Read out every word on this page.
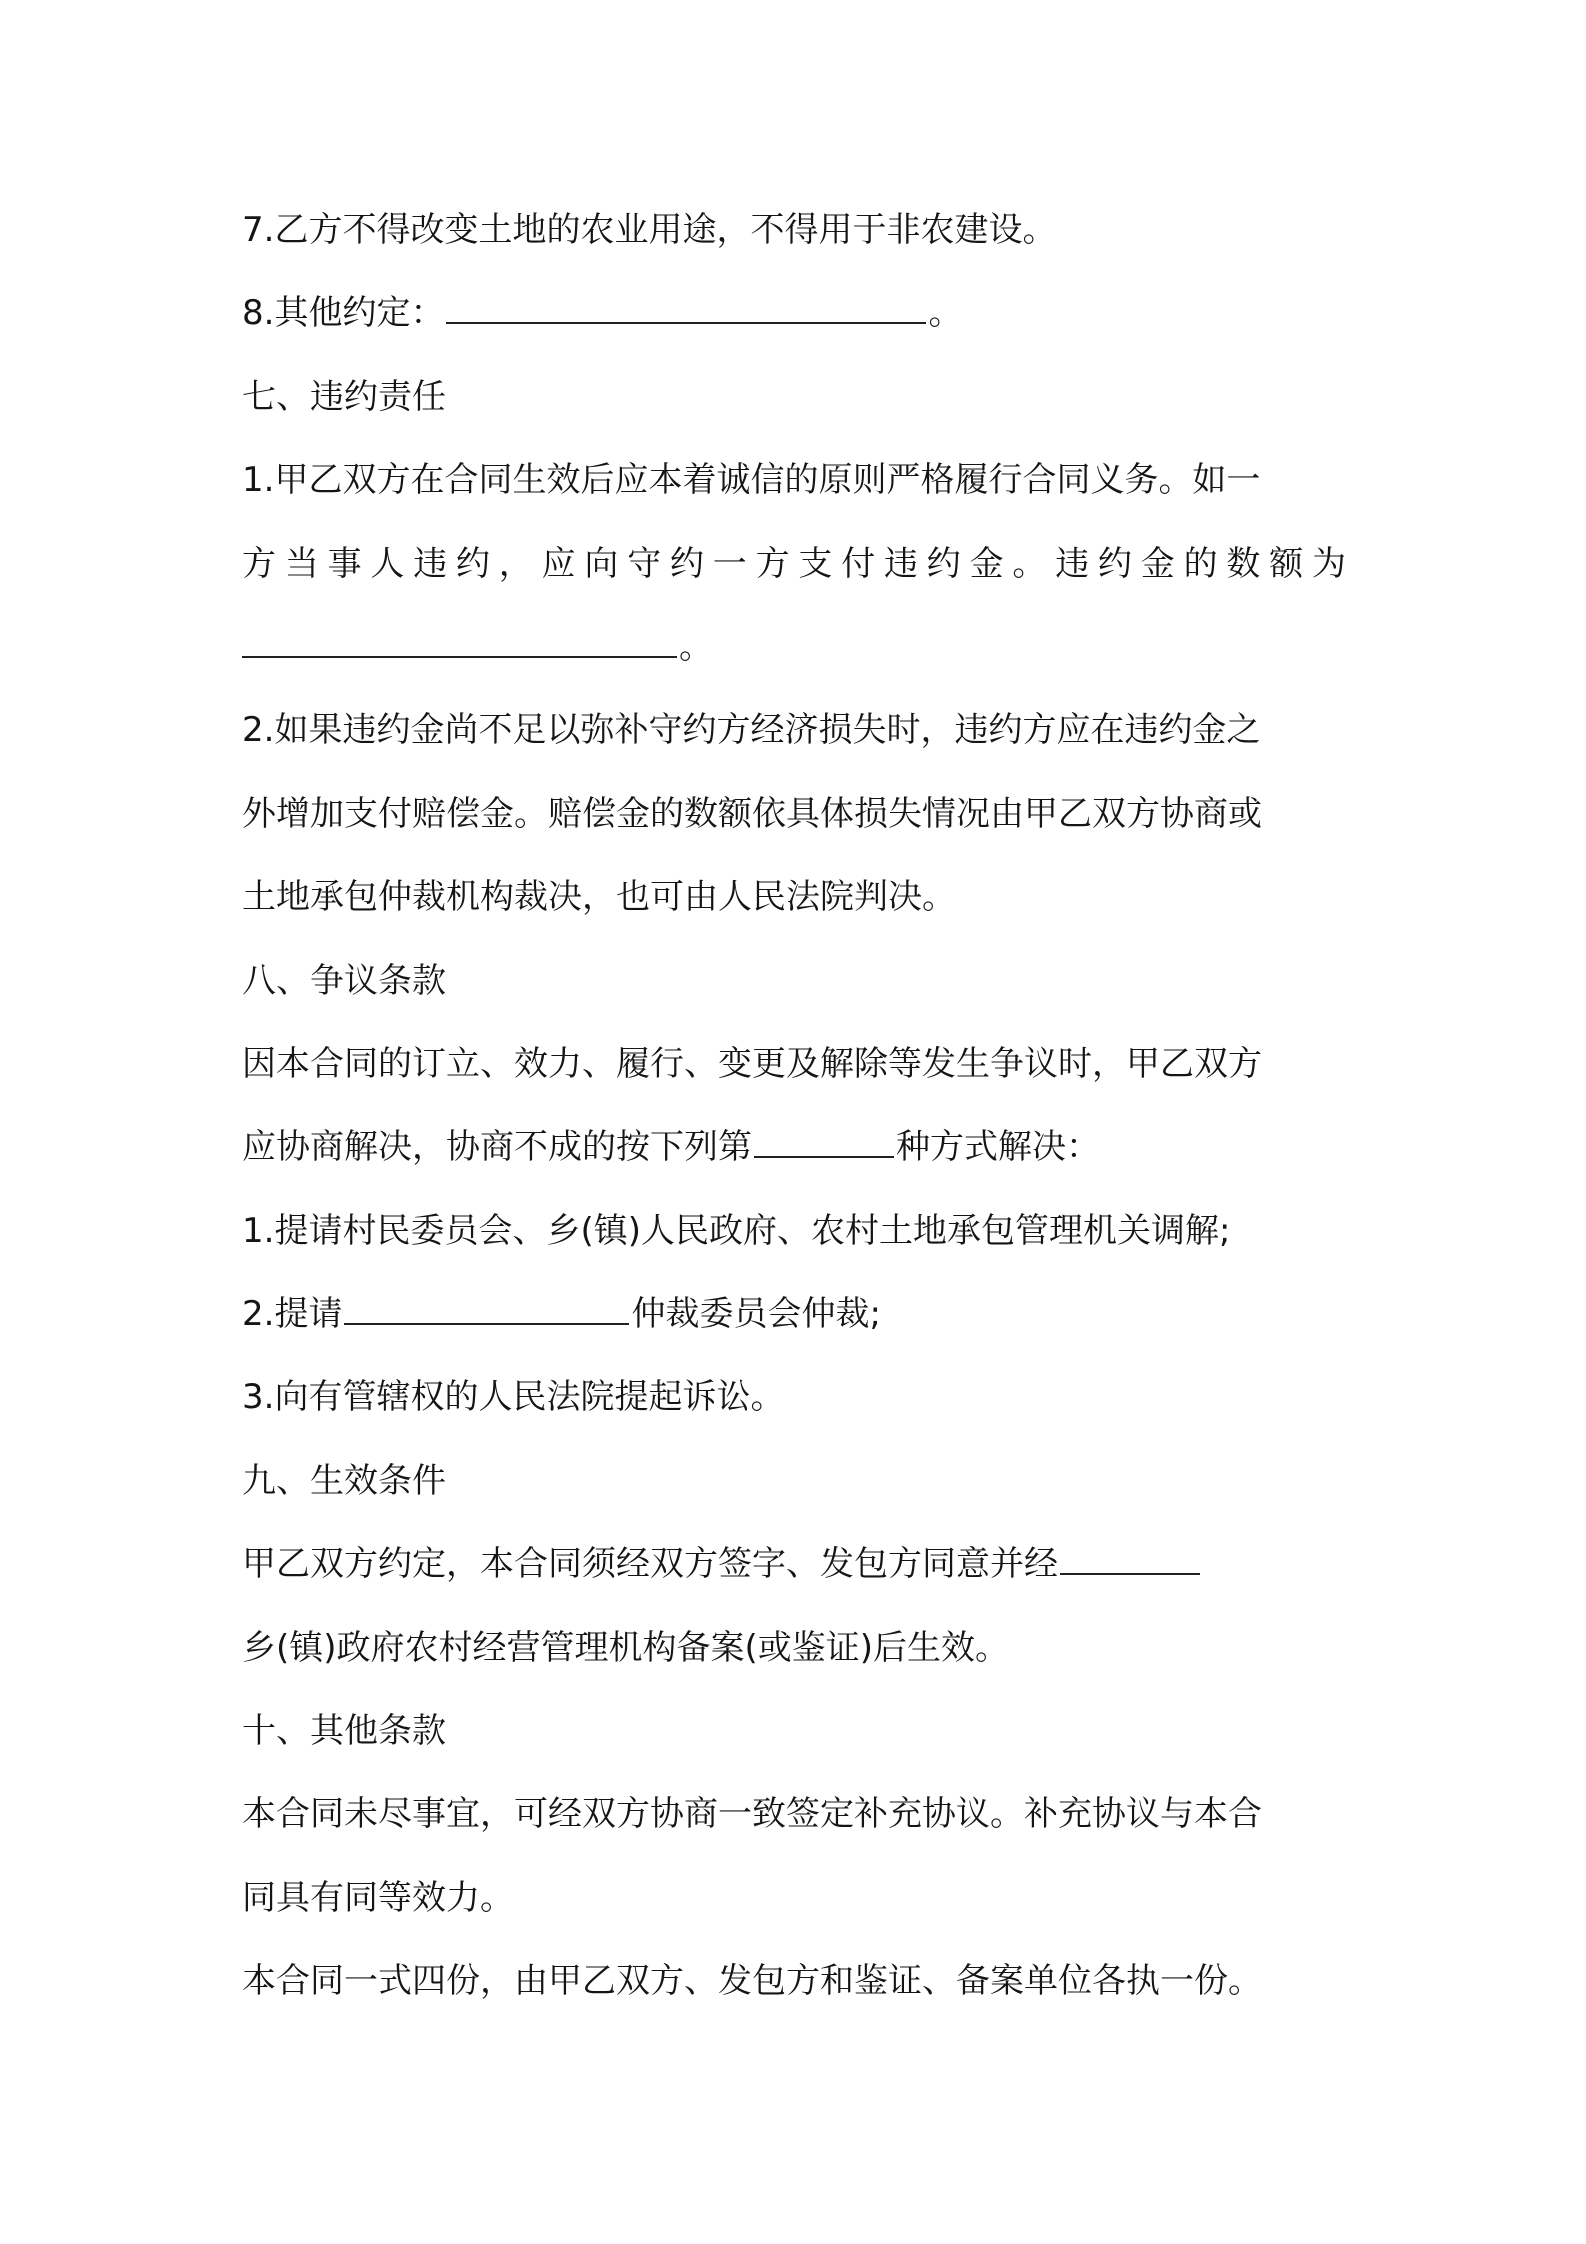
7.乙方不得改变土地的农业用途，不得用于非农建设。
8.其他约定：	。
七、违约责任
1.甲乙双方在合同生效后应本着诚信的原则严格履行合同义务。如一
方当事人违约，应向守约一方支付违约金。违约金的数额为
。
2.如果违约金尚不足以弥补守约方经济损失时，违约方应在违约金之
外增加支付赔偿金。赔偿金的数额依具体损失情况由甲乙双方协商或
土地承包仲裁机构裁决，也可由人民法院判决。
八、争议条款
因本合同的订立、效力、履行、变更及解除等发生争议时，甲乙双方
应协商解决，协商不成的按下列第	种方式解决：
1.提请村民委员会、乡(镇)人民政府、农村土地承包管理机关调解;
2.提请	仲裁委员会仲裁;
3.向有管辖权的人民法院提起诉讼。
九、生效条件
甲乙双方约定，本合同须经双方签字、发包方同意并经
乡(镇)政府农村经营管理机构备案(或鉴证)后生效。
十、其他条款
本合同未尽事宜，可经双方协商一致签定补充协议。补充协议与本合
同具有同等效力。
本合同一式四份，由甲乙双方、发包方和鉴证、备案单位各执一份。
